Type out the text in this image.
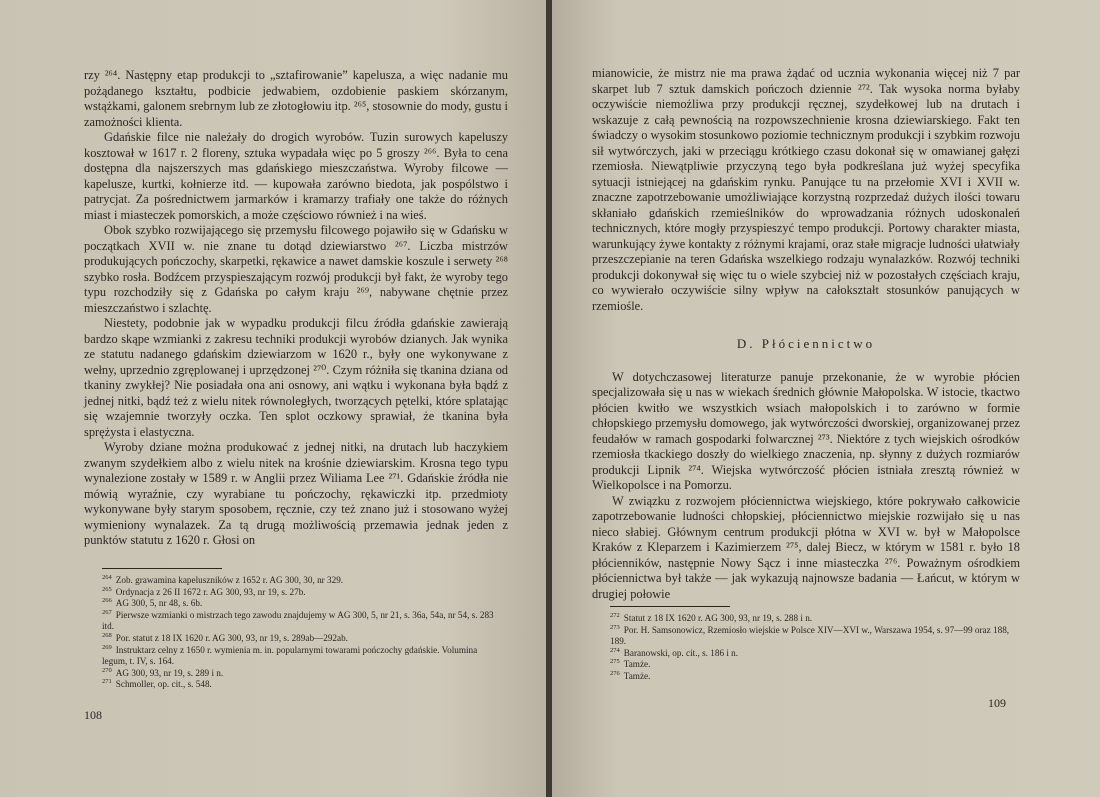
rzy ²⁶⁴. Następny etap produkcji to „sztafirowanie” kapelusza, a więc nadanie mu pożądanego kształtu, podbicie jedwabiem, ozdobienie paskiem skórzanym, wstążkami, galonem srebrnym lub ze złotogłowiu itp. ²⁶⁵, stosownie do mody, gustu i zamożności klienta.

Gdańskie filce nie należały do drogich wyrobów. Tuzin surowych kapeluszy kosztował w 1617 r. 2 floreny, sztuka wypadała więc po 5 groszy ²⁶⁶. Była to cena dostępna dla najszerszych mas gdańskiego mieszczaństwa. Wyroby filcowe — kapelusze, kurtki, kołnierze itd. — kupowała zarówno biedota, jak pospólstwo i patrycjat. Za pośrednictwem jarmarków i kramarzy trafiały one także do różnych miast i miasteczek pomorskich, a może częściowo również i na wieś.

Obok szybko rozwijającego się przemysłu filcowego pojawiło się w Gdańsku w początkach XVII w. nie znane tu dotąd dziewiarstwo ²⁶⁷. Liczba mistrzów produkujących pończochy, skarpetki, rękawice a nawet damskie koszule i serwety ²⁶⁸ szybko rosła. Bodźcem przyspieszającym rozwój produkcji był fakt, że wyroby tego typu rozchodziły się z Gdańska po całym kraju ²⁶⁹, nabywane chętnie przez mieszczaństwo i szlachtę.

Niestety, podobnie jak w wypadku produkcji filcu źródła gdańskie zawierają bardzo skąpe wzmianki z zakresu techniki produkcji wyrobów dzianych. Jak wynika ze statutu nadanego gdańskim dziewiarzom w 1620 r., były one wykonywane z wełny, uprzednio zgręplowanej i uprzędzonej ²⁷⁰. Czym różniła się tkanina dziana od tkaniny zwykłej? Nie posiadała ona ani osnowy, ani wątku i wykonana była bądź z jednej nitki, bądź też z wielu nitek równoległych, tworzących pętelki, które splatając się wzajemnie tworzyły oczka. Ten splot oczkowy sprawiał, że tkanina była sprężysta i elastyczna.

Wyroby dziane można produkować z jednej nitki, na drutach lub haczykiem zwanym szydełkiem albo z wielu nitek na krośnie dziewiarskim. Krosna tego typu wynalezione zostały w 1589 r. w Anglii przez Wiliama Lee ²⁷¹. Gdańskie źródła nie mówią wyraźnie, czy wyrabiane tu pończochy, rękawiczki itp. przedmioty wykonywane były starym sposobem, ręcznie, czy też znano już i stosowano wyżej wymieniony wynalazek. Za tą drugą możliwością przemawia jednak jeden z punktów statutu z 1620 r. Głosi on

$^{264}$ Zob. grawamina kapeluszników z 1652 r. AG 300, 30, nr 329.

$^{265}$ Ordynacja z 26 II 1672 r. AG 300, 93, nr 19, s. 27b.

$^{266}$ AG 300, 5, nr 48, s. 6b.

$^{267}$ Pierwsze wzmianki o mistrzach tego zawodu znajdujemy w AG 300, 5, nr 21, s. 36a, 54a, nr 54, s. 283 itd.

$^{268}$ Por. statut z 18 IX 1620 r. AG 300, 93, nr 19, s. 289ab—292ab.

$^{269}$ Instruktarz celny z 1650 r. wymienia m. in. popularnymi towarami pończochy gdańskie. Volumina legum, t. IV, s. 164.

$^{270}$ AG 300, 93, nr 19, s. 289 i n.

$^{271}$ Schmoller, op. cit., s. 548.

108

mianowicie, że mistrz nie ma prawa żądać od ucznia wykonania więcej niż 7 par skarpet lub 7 sztuk damskich pończoch dziennie ²⁷². Tak wysoka norma byłaby oczywiście niemożliwa przy produkcji ręcznej, szydełkowej lub na drutach i wskazuje z całą pewnością na rozpowszechnienie krosna dziewiarskiego. Fakt ten świadczy o wysokim stosunkowo poziomie technicznym produkcji i szybkim rozwoju sił wytwórczych, jaki w przeciągu krótkiego czasu dokonał się w omawianej gałęzi rzemiosła. Niewątpliwie przyczyną tego była podkreślana już wyżej specyfika sytuacji istniejącej na gdańskim rynku. Panujące tu na przełomie XVI i XVII w. znaczne zapotrzebowanie umożliwiające korzystną rozprzedaż dużych ilości towaru skłaniało gdańskich rzemieślników do wprowadzania różnych udoskonaleń technicznych, które mogły przyspieszyć tempo produkcji. Portowy charakter miasta, warunkujący żywe kontakty z różnymi krajami, oraz stałe migracje ludności ułatwiały przeszczepianie na teren Gdańska wszelkiego rodzaju wynalazków. Rozwój techniki produkcji dokonywał się więc tu o wiele szybciej niż w pozostałych częściach kraju, co wywierało oczywiście silny wpływ na całokształt stosunków panujących w rzemiośle.

D. Płóciennictwo

W dotychczasowej literaturze panuje przekonanie, że w wyrobie płócien specjalizowała się u nas w wiekach średnich głównie Małopolska. W istocie, tkactwo płócien kwitło we wszystkich wsiach małopolskich i to zarówno w formie chłopskiego przemysłu domowego, jak wytwórczości dworskiej, organizowanej przez feudałów w ramach gospodarki folwarcznej ²⁷³. Niektóre z tych wiejskich ośrodków rzemiosła tkackiego doszły do wielkiego znaczenia, np. słynny z dużych rozmiarów produkcji Lipnik ²⁷⁴. Wiejska wytwórczość płócien istniała zresztą również w Wielkopolsce i na Pomorzu.

W związku z rozwojem płóciennictwa wiejskiego, które pokrywało całkowicie zapotrzebowanie ludności chłopskiej, płóciennictwo miejskie rozwijało się u nas nieco słabiej. Głównym centrum produkcji płótna w XVI w. był w Małopolsce Kraków z Kleparzem i Kazimierzem ²⁷⁵, dalej Biecz, w którym w 1581 r. było 18 płócienników, następnie Nowy Sącz i inne miasteczka ²⁷⁶. Poważnym ośrodkiem płóciennictwa był także — jak wykazują najnowsze badania — Łańcut, w którym w drugiej połowie

$^{272}$ Statut z 18 IX 1620 r. AG 300, 93, nr 19, s. 288 i n.

$^{273}$ Por. H. Samsonowicz, Rzemiosło wiejskie w Polsce XIV—XVI w., Warszawa 1954, s. 97—99 oraz 188, 189.

$^{274}$ Baranowski, op. cit., s. 186 i n.

$^{275}$ Tamże.

$^{276}$ Tamże.

109
